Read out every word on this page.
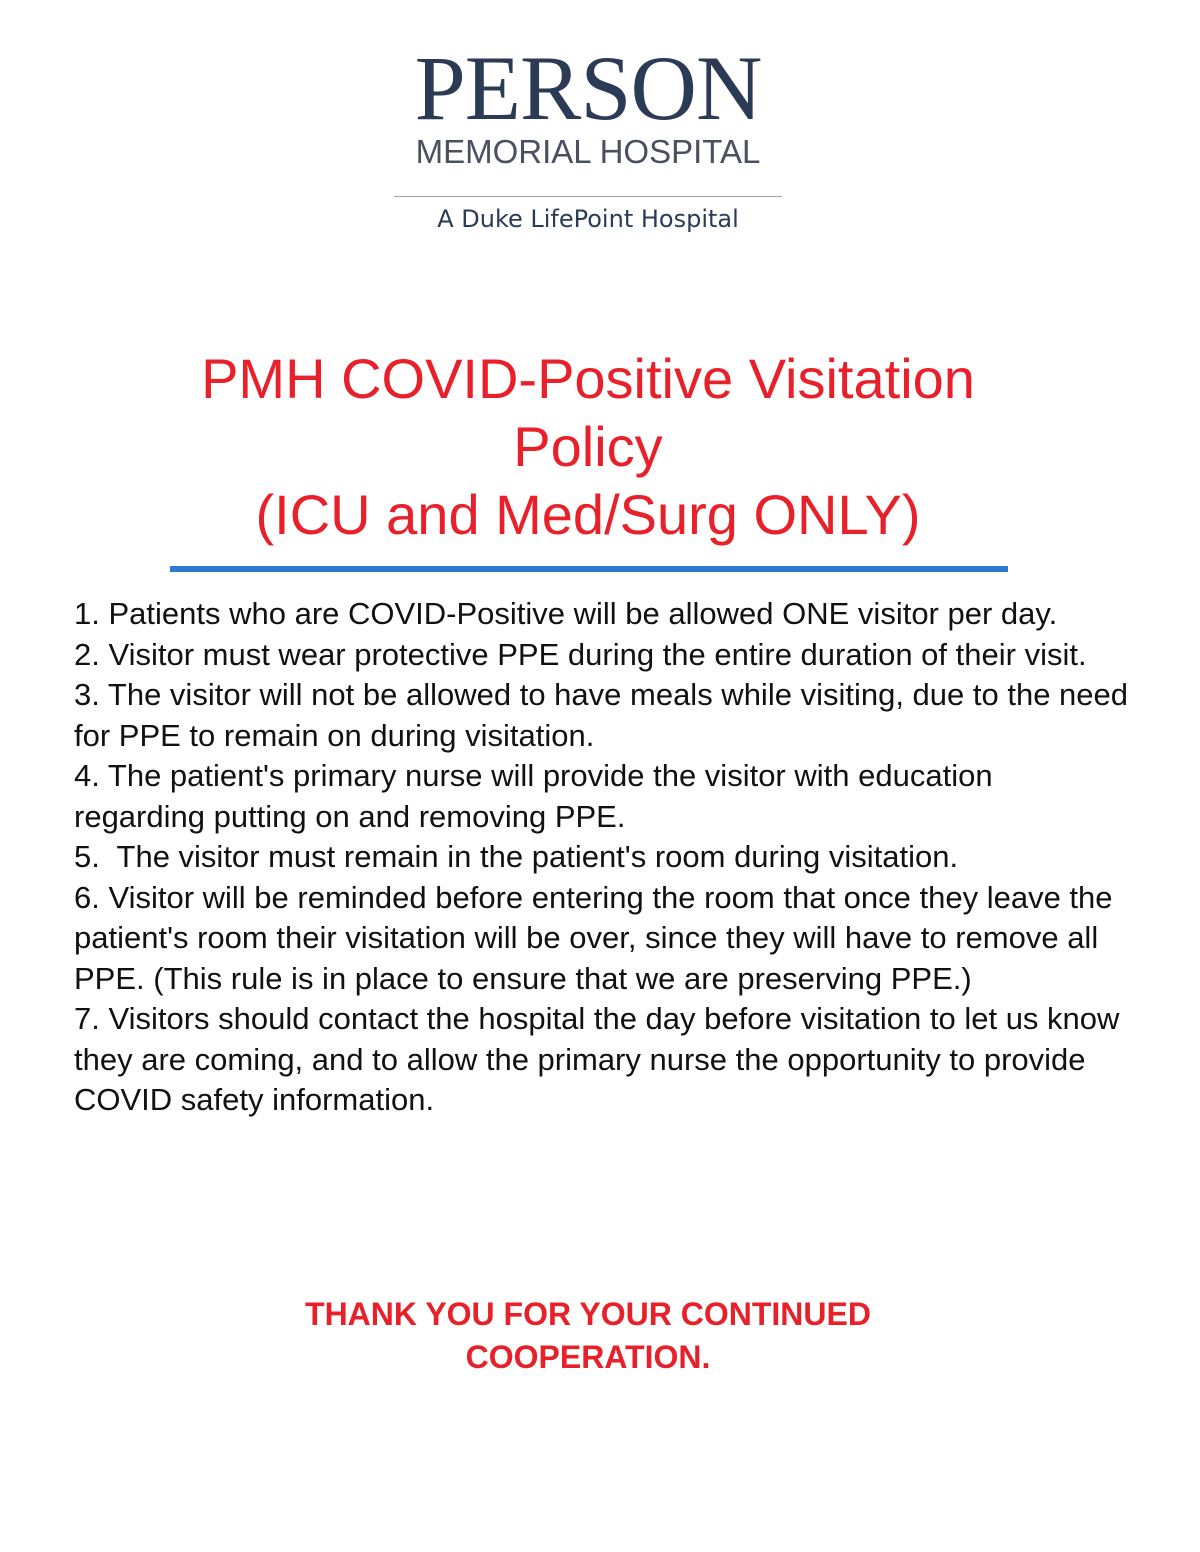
PERSON
MEMORIAL HOSPITAL
A Duke LifePoint Hospital
PMH COVID-Positive Visitation
Policy
(ICU and Med/Surg ONLY)

1. Patients who are COVID-Positive will be allowed ONE visitor per day.

2. Visitor must wear protective PPE during the entire duration of their visit.

3. The visitor will not be allowed to have meals while visiting, due to the need for PPE to remain on during visitation.

4. The patient's primary nurse will provide the visitor with education regarding putting on and removing PPE.

5.  The visitor must remain in the patient's room during visitation.

6. Visitor will be reminded before entering the room that once they leave the patient's room their visitation will be over, since they will have to remove all PPE. (This rule is in place to ensure that we are preserving PPE.)

7. Visitors should contact the hospital the day before visitation to let us know they are coming, and to allow the primary nurse the opportunity to provide COVID safety information.

THANK YOU FOR YOUR CONTINUED
COOPERATION.
